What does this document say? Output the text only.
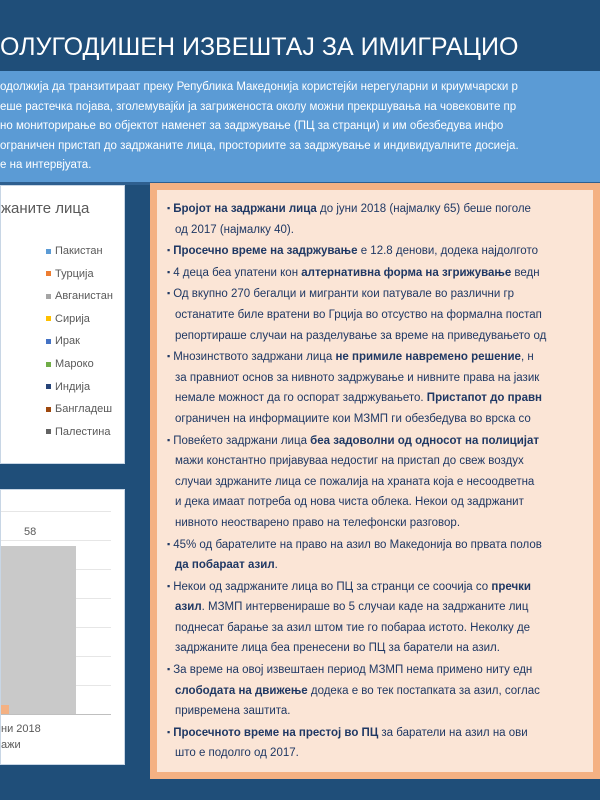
ОЛУГОДИШЕН ИЗВЕШТАЈ ЗА ИМИГРАЦИО
одолжија да транзитираат преку Република Македонија користејќи нерегуларни и криумчарски р
еше растечка појава, зголемувајќи ја загриженоста околу можни прекршувања на човековите пр
но мониторирање во објектот наменет за задржување (ПЦ за странци) и им обезбедува инфо
ограничен пристап до задржаните лица, просториите за задржување и индивидуалните досиеја.
е на интервјуата.
жаните лица
Пакистан
Турција
Авганистан
Сирија
Ирак
Мароко
Индија
Бангладеш
Палестина
58
ни 2018
ажи
▪ Бројот на задржани лица до јуни 2018 (најмалку 65) беше поголе
од 2017 (најмалку 40).
▪ Просечно време на задржување е 12.8 денови, додека најдолгото
▪ 4 деца беа упатени кон алтернативна форма на згрижување ведн
▪ Од вкупно 270 бегалци и мигранти кои патувале во различни гр
останатите биле вратени во Грција во отсуство на формална постап
репортираше случаи на разделување за време на приведувањето од
▪ Мнозинството задржани лица не примиле навремено решение, н
за правниот основ за нивното задржување и нивните права на јазик
немале можност да го оспорат задржувањето. Пристапот до правн
ограничен на информациите кои МЗМП ги обезбедува во врска со
▪ Повеќето задржани лица беа задоволни од односот на полицијат
мажи константно пријавуваа недостиг на пристап до свеж воздух
случаи здржаните лица се пожалија на храната која е несоодветна
и дека имаат потреба од нова чиста облека. Некои од задржанит
нивното неостварено право на телефонски разговор.
▪ 45% од барателите на право на азил во Македонија во првата полов
да побараат азил.
▪ Некои од задржаните лица во ПЦ за странци се соочија со пречки
азил. МЗМП интервенираше во 5 случаи каде на задржаните лиц
поднесат барање за азил штом тие го побараа истото. Неколку де
задржаните лица беа пренесени во ПЦ за баратели на азил.
▪ За време на овој извештаен период МЗМП нема примено ниту едн
слободата на движење додека е во тек постапката за азил, соглас
привремена заштита.
▪ Просечното време на престој во ПЦ за баратели на азил на ови
што е подолго од 2017.
